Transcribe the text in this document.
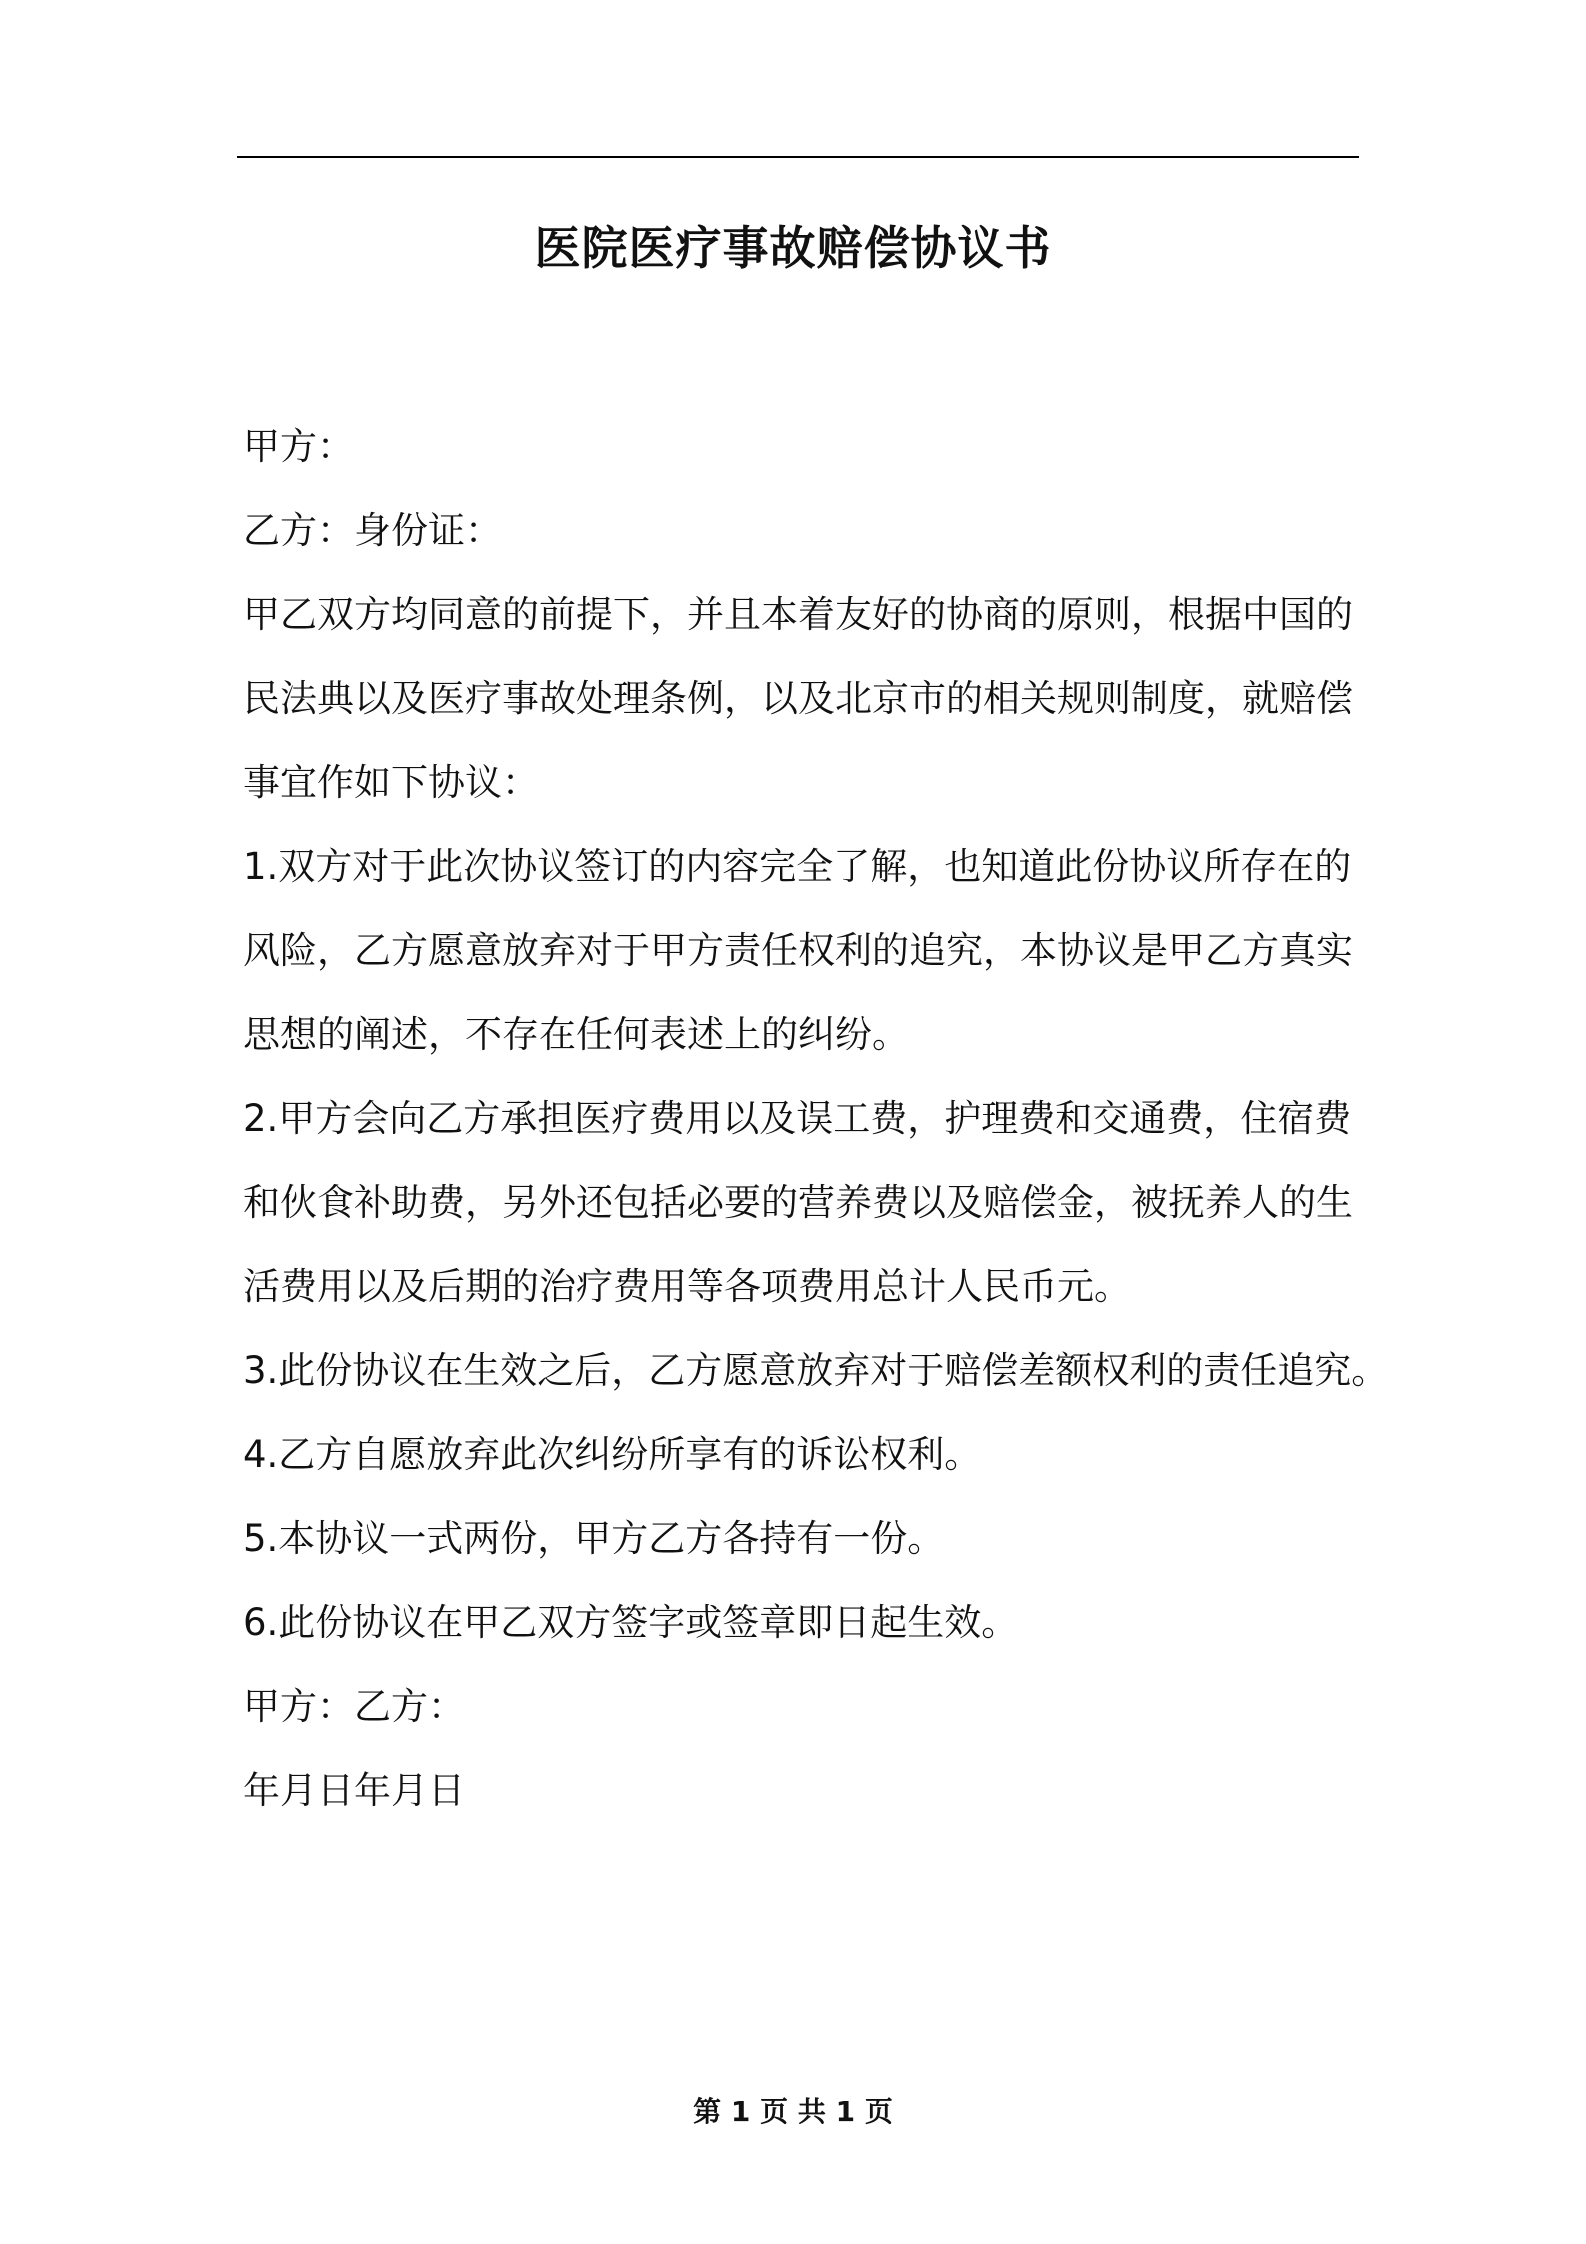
医院医疗事故赔偿协议书

甲方：

乙方：身份证：

甲乙双方均同意的前提下，并且本着友好的协商的原则，根据中国的

民法典以及医疗事故处理条例，以及北京市的相关规则制度，就赔偿

事宜作如下协议：

1.双方对于此次协议签订的内容完全了解，也知道此份协议所存在的

风险，乙方愿意放弃对于甲方责任权利的追究，本协议是甲乙方真实

思想的阐述，不存在任何表述上的纠纷。

2.甲方会向乙方承担医疗费用以及误工费，护理费和交通费，住宿费

和伙食补助费，另外还包括必要的营养费以及赔偿金，被抚养人的生

活费用以及后期的治疗费用等各项费用总计人民币元。

3.此份协议在生效之后，乙方愿意放弃对于赔偿差额权利的责任追究。

4.乙方自愿放弃此次纠纷所享有的诉讼权利。

5.本协议一式两份，甲方乙方各持有一份。

6.此份协议在甲乙双方签字或签章即日起生效。

甲方：乙方：

年月日年月日

第 1 页 共 1 页
